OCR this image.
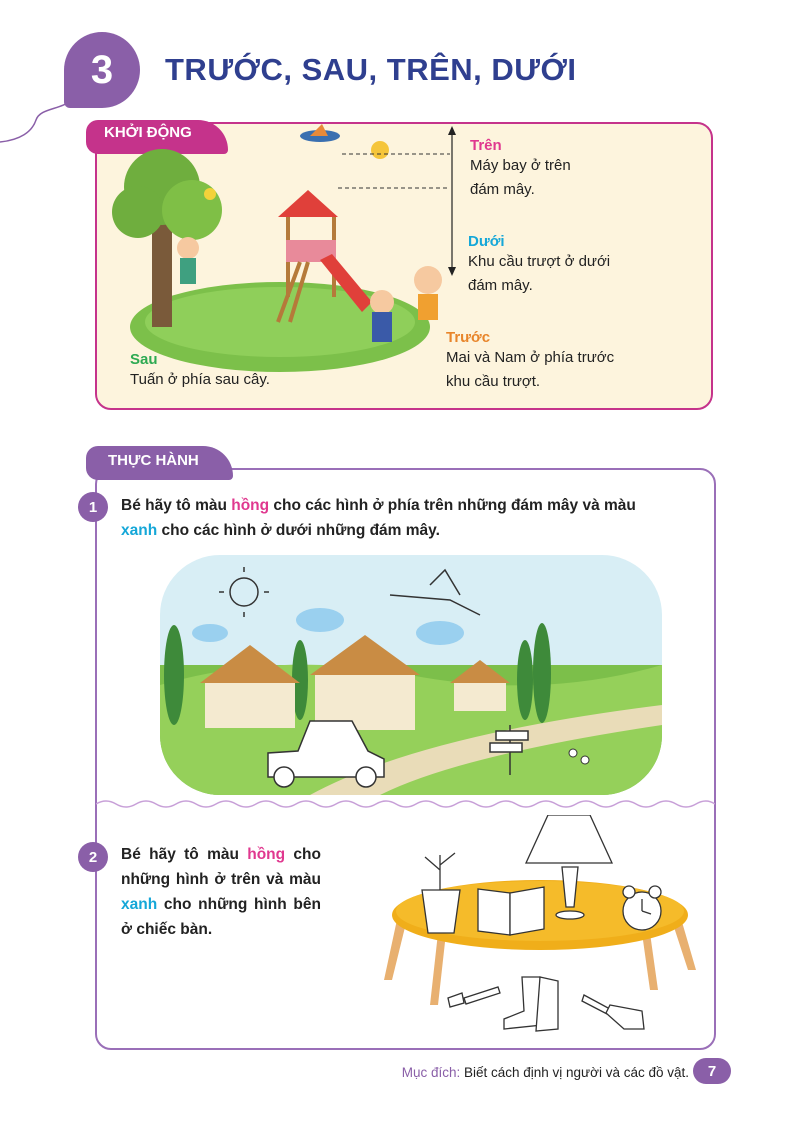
3	TRƯỚC, SAU, TRÊN, DƯỚI
KHỞI ĐỘNG
Trên
Máy bay ở trên
đám mây.
Dưới
Khu cầu trượt ở dưới
đám mây.
Trước
Mai và Nam ở phía trước
khu cầu trượt.
Sau
Tuấn ở phía sau cây.
THỰC HÀNH
1	Bé hãy tô màu hồng cho các hình ở phía trên những đám mây và màu
xanh cho các hình ở dưới những đám mây.
2	Bé hãy tô màu hồng cho những hình ở trên và màu xanh cho những hình bên ở chiếc bàn.
Mục đích: Biết cách định vị người và các đồ vật.	7
